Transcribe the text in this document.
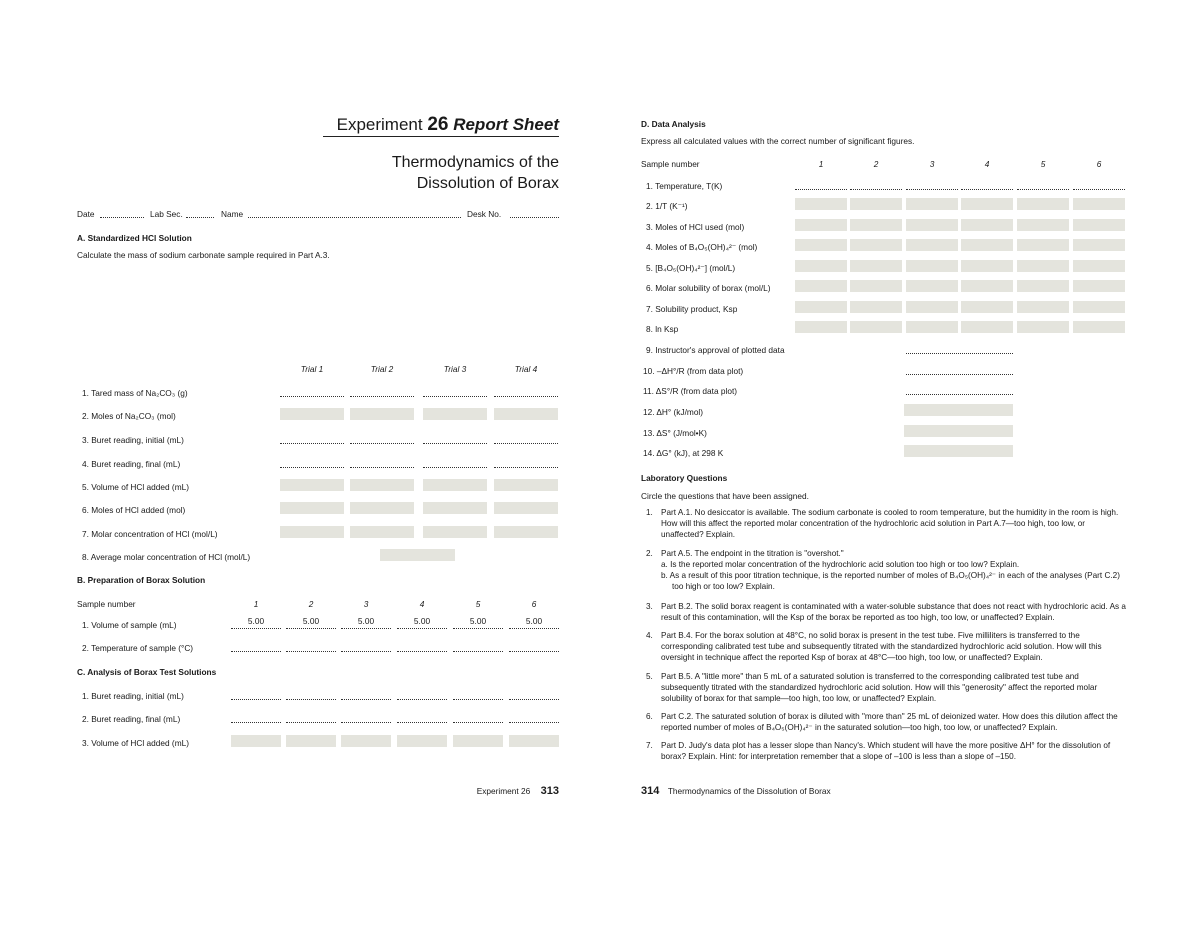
Experiment 26 Report Sheet
Thermodynamics of the
Dissolution of Borax
Date	Lab Sec.	Name	Desk No.
A. Standardized HCl Solution
Calculate the mass of sodium carbonate sample required in Part A.3.
Trial 1	Trial 2	Trial 3	Trial 4
1. Tared mass of Na₂CO₃ (g)
2. Moles of Na₂CO₃ (mol)
3. Buret reading, initial (mL)
4. Buret reading, final (mL)
5. Volume of HCl added (mL)
6. Moles of HCl added (mol)
7. Molar concentration of HCl (mol/L)
8. Average molar concentration of HCl (mol/L)
B. Preparation of Borax Solution
Sample number	1	2	3	4	5	6
1. Volume of sample (mL)	5.00	5.00	5.00	5.00	5.00	5.00
2. Temperature of sample (°C)
C. Analysis of Borax Test Solutions
1. Buret reading, initial (mL)
2. Buret reading, final (mL)
3. Volume of HCl added (mL)
Experiment 26 313
D. Data Analysis
Express all calculated values with the correct number of significant figures.
Sample number	1	2	3	4	5	6
1. Temperature, T(K)
2. 1/T (K⁻¹)
3. Moles of HCl used (mol)
4. Moles of B₄O₅(OH)₄²⁻ (mol)
5. [B₄O₅(OH)₄²⁻] (mol/L)
6. Molar solubility of borax (mol/L)
7. Solubility product, Ksp
8. ln Ksp
9. Instructor's approval of plotted data
10. –ΔH°/R (from data plot)
11. ΔS°/R (from data plot)
12. ΔH° (kJ/mol)
13. ΔS° (J/mol•K)
14. ΔG° (kJ), at 298 K
Laboratory Questions
Circle the questions that have been assigned.
1. Part A.1. No desiccator is available. The sodium carbonate is cooled to room temperature, but the humidity in the room is high. How will this affect the reported molar concentration of the hydrochloric acid solution in Part A.7—too high, too low, or unaffected? Explain.
2. Part A.5. The endpoint in the titration is "overshot."
a. Is the reported molar concentration of the hydrochloric acid solution too high or too low? Explain.
b. As a result of this poor titration technique, is the reported number of moles of B₄O₅(OH)₄²⁻ in each of the analyses (Part C.2) too high or too low? Explain.
3. Part B.2. The solid borax reagent is contaminated with a water-soluble substance that does not react with hydrochloric acid. As a result of this contamination, will the Ksp of the borax be reported as too high, too low, or unaffected? Explain.
4. Part B.4. For the borax solution at 48°C, no solid borax is present in the test tube. Five milliliters is transferred to the corresponding calibrated test tube and subsequently titrated with the standardized hydrochloric acid solution. How will this oversight in technique affect the reported Ksp of borax at 48°C—too high, too low, or unaffected? Explain.
5. Part B.5. A "little more" than 5 mL of a saturated solution is transferred to the corresponding calibrated test tube and subsequently titrated with the standardized hydrochloric acid solution. How will this "generosity" affect the reported molar solubility of borax for that sample—too high, too low, or unaffected? Explain.
6. Part C.2. The saturated solution of borax is diluted with "more than" 25 mL of deionized water. How does this dilution affect the reported number of moles of B₄O₅(OH)₄²⁻ in the saturated solution—too high, too low, or unaffected? Explain.
7. Part D. Judy's data plot has a lesser slope than Nancy's. Which student will have the more positive ΔH° for the dissolution of borax? Explain. Hint: for interpretation remember that a slope of –100 is less than a slope of –150.
314 Thermodynamics of the Dissolution of Borax
